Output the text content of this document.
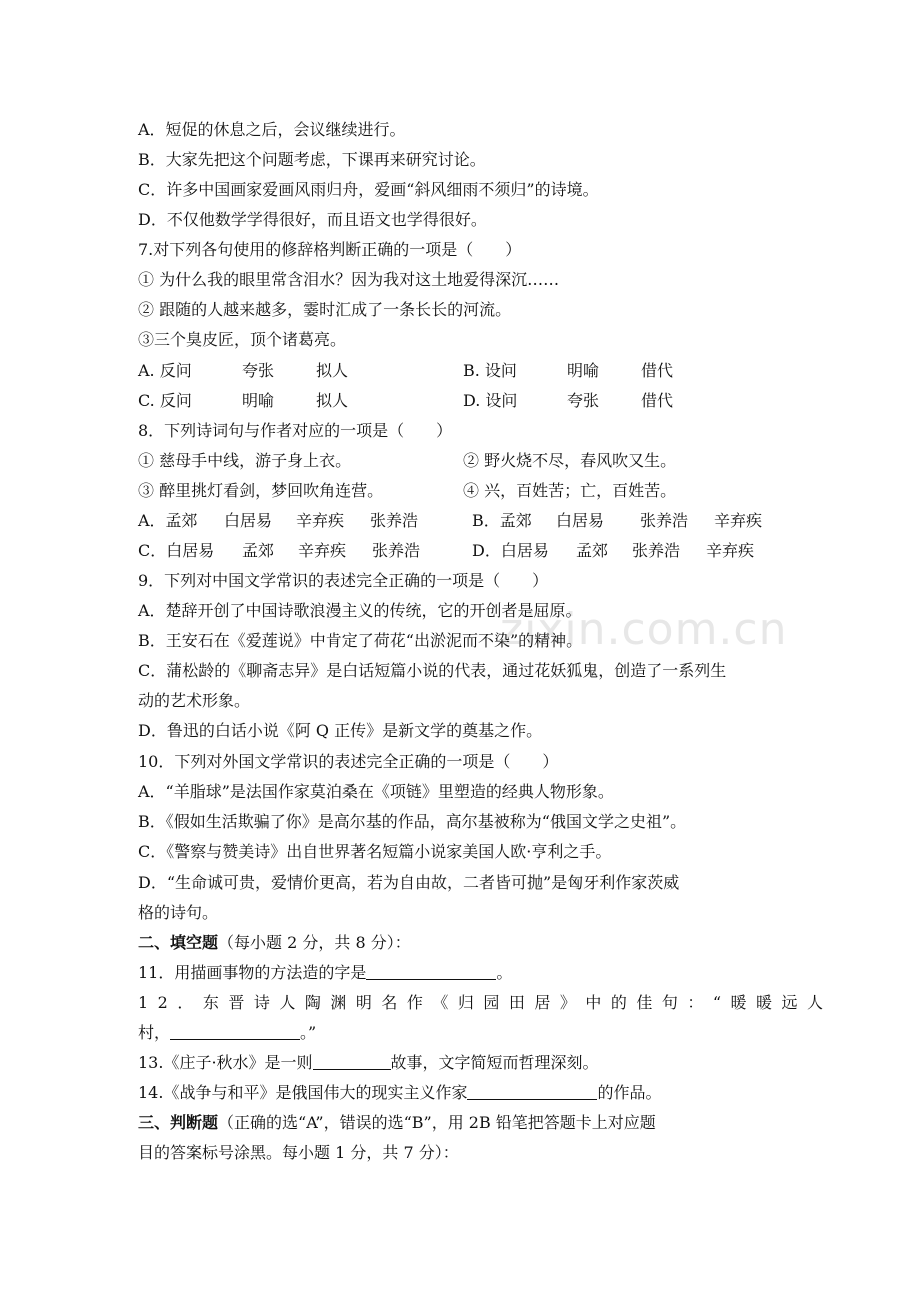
zixin.com.cn
A．短促的休息之后，会议继续进行。
B．大家先把这个问题考虑，下课再来研究讨论。
C．许多中国画家爱画风雨归舟，爱画“斜风细雨不须归”的诗境。
D．不仅他数学学得很好，而且语文也学得很好。
7.对下列各句使用的修辞格判断正确的一项是（　　）
① 为什么我的眼里常含泪水？因为我对这土地爱得深沉……
② 跟随的人越来越多，霎时汇成了一条长长的河流。
③三个臭皮匠，顶个诸葛亮。
A. 反问	夸张	拟人	B. 设问	明喻	借代
C. 反问	明喻	拟人	D. 设问	夸张	借代
8．下列诗词句与作者对应的一项是（　　）
① 慈母手中线，游子身上衣。	② 野火烧不尽，春风吹又生。
③ 醉里挑灯看剑，梦回吹角连营。	④ 兴，百姓苦；亡，百姓苦。
A．孟郊 白居易 辛弃疾 张养浩	B．孟郊 白居易 张养浩 辛弃疾
C．白居易 孟郊 辛弃疾 张养浩	D．白居易 孟郊 张养浩 辛弃疾
9．下列对中国文学常识的表述完全正确的一项是（　　）
A．楚辞开创了中国诗歌浪漫主义的传统，它的开创者是屈原。
B．王安石在《爱莲说》中肯定了荷花“出淤泥而不染”的精神。
C．蒲松龄的《聊斋志异》是白话短篇小说的代表，通过花妖狐鬼，创造了一系列生
动的艺术形象。
D．鲁迅的白话小说《阿 Q 正传》是新文学的奠基之作。
10．下列对外国文学常识的表述完全正确的一项是（　　）
A．“羊脂球”是法国作家莫泊桑在《项链》里塑造的经典人物形象。
B．《假如生活欺骗了你》是高尔基的作品，高尔基被称为“俄国文学之史祖”。
C．《警察与赞美诗》出自世界著名短篇小说家美国人欧·亨利之手。
D．“生命诚可贵，爱情价更高，若为自由故，二者皆可抛”是匈牙利作家茨威
格的诗句。
二、填空题（每小题 2 分，共 8 分）：
11．用描画事物的方法造的字是	。
12．东晋诗人陶渊明名作《归园田居》中的佳句：“暖暖远人
村，	。”
13.《庄子·秋水》是一则	故事，文字简短而哲理深刻。
14.《战争与和平》是俄国伟大的现实主义作家	的作品。
三、判断题（正确的选“A”，错误的选“B”，用 2B 铅笔把答题卡上对应题
目的答案标号涂黑。每小题 1 分，共 7 分）：
